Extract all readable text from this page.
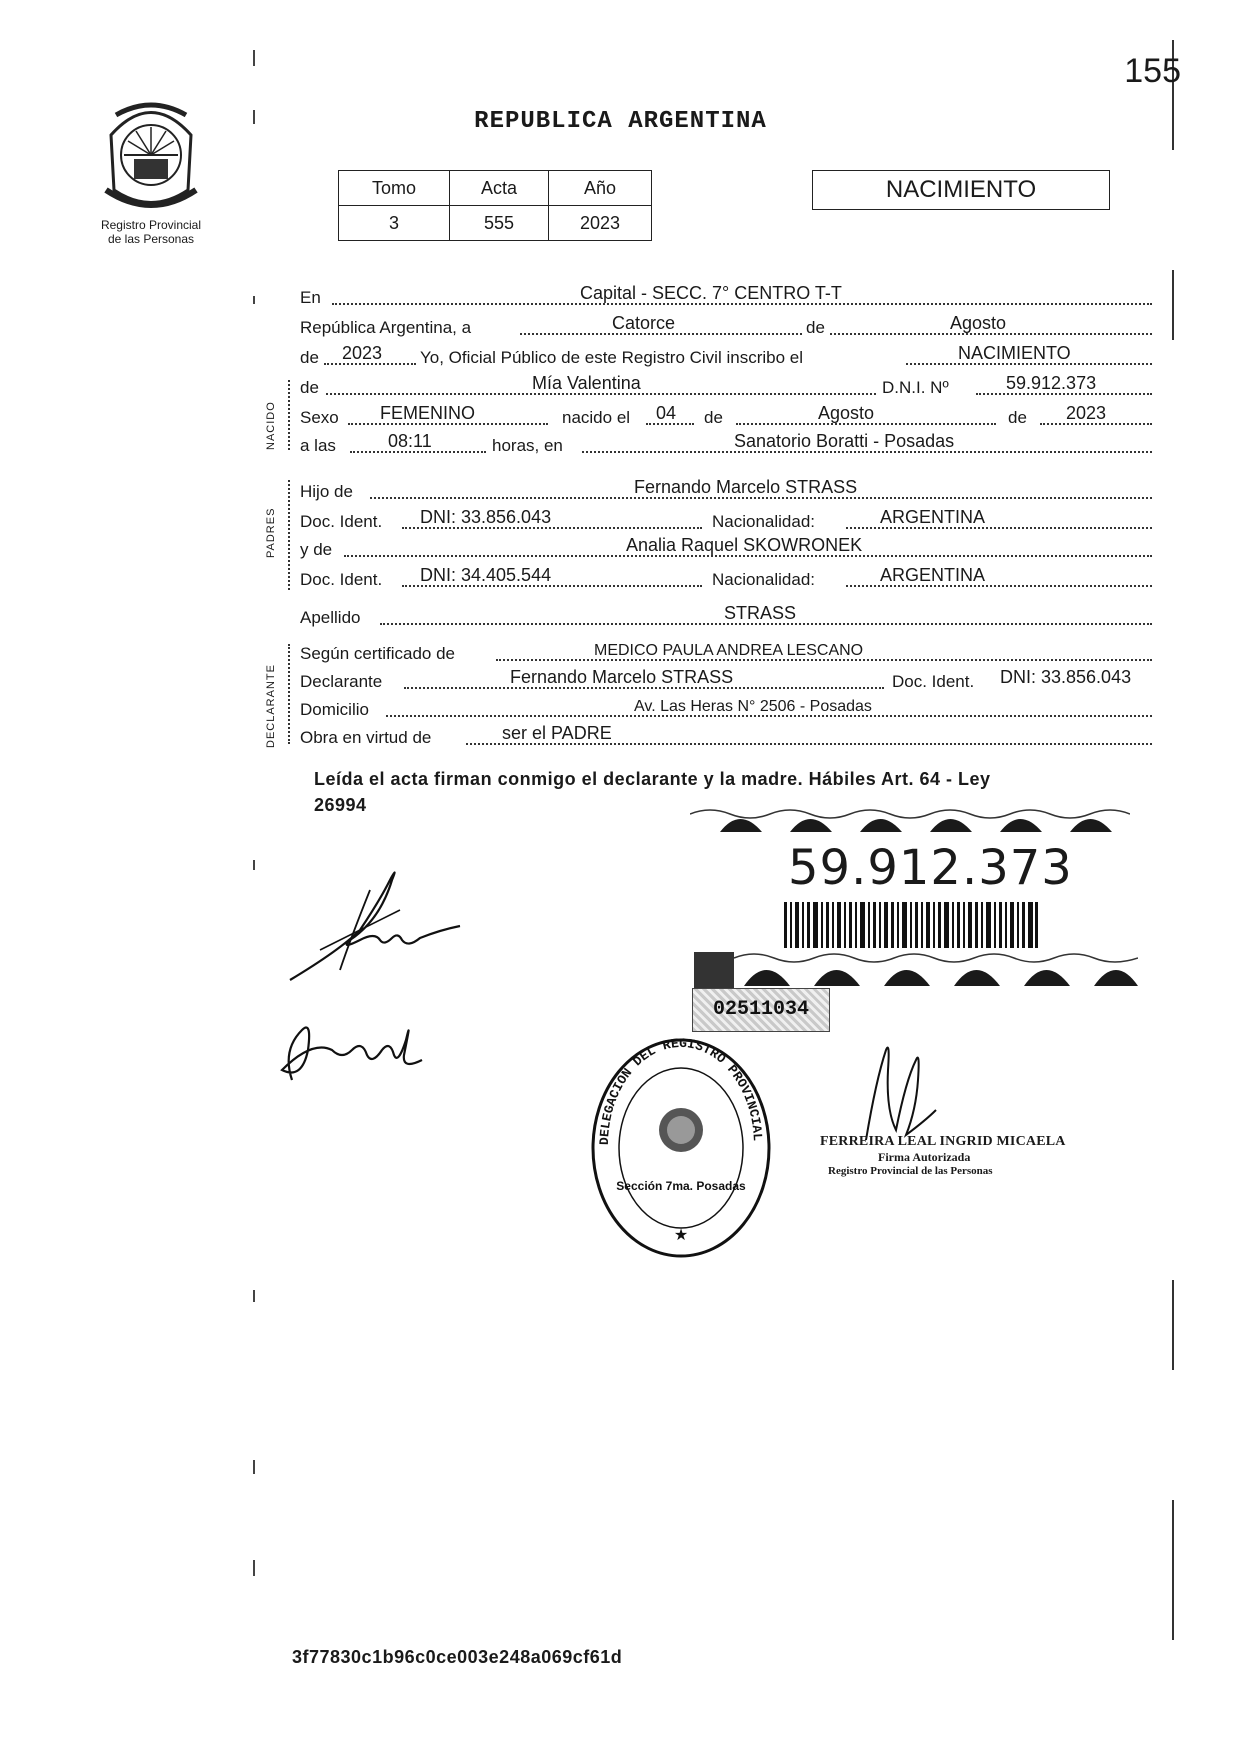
155
REPUBLICA ARGENTINA
Registro Provincial
de las Personas
Tomo	Acta	Año
3	555	2023
NACIMIENTO
En	Capital - SECC. 7° CENTRO T-T
República Argentina, a	Catorce	de	Agosto
de 2023 Yo, Oficial Público de este Registro Civil inscribo el	NACIMIENTO
de	Mía Valentina	D.N.I. Nº	59.912.373
Sexo FEMENINO	nacido el 04 de	Agosto	de 2023
a las	08:11	horas, en	Sanatorio Boratti - Posadas
Hijo de	Fernando Marcelo STRASS
Doc. Ident. DNI: 33.856.043	Nacionalidad:	ARGENTINA
y de	Analia Raquel SKOWRONEK
Doc. Ident. DNI: 34.405.544	Nacionalidad:	ARGENTINA
Apellido	STRASS
Según certificado de	MEDICO PAULA ANDREA LESCANO
Declarante	Fernando Marcelo STRASS	Doc. Ident. DNI: 33.856.043
Domicilio	Av. Las Heras N° 2506 - Posadas
Obra en virtud de	ser el PADRE
NACIDO
PADRES
DECLARANTE
Leída el acta firman conmigo el declarante y la madre. Hábiles Art. 64 - Ley
26994
59.912.373
02511034
DELEGACION DEL REGISTRO PROVINCIAL
Sección 7ma. Posadas
★
FERREIRA LEAL INGRID MICAELA
Firma Autorizada
Registro Provincial de las Personas
3f77830c1b96c0ce003e248a069cf61d
